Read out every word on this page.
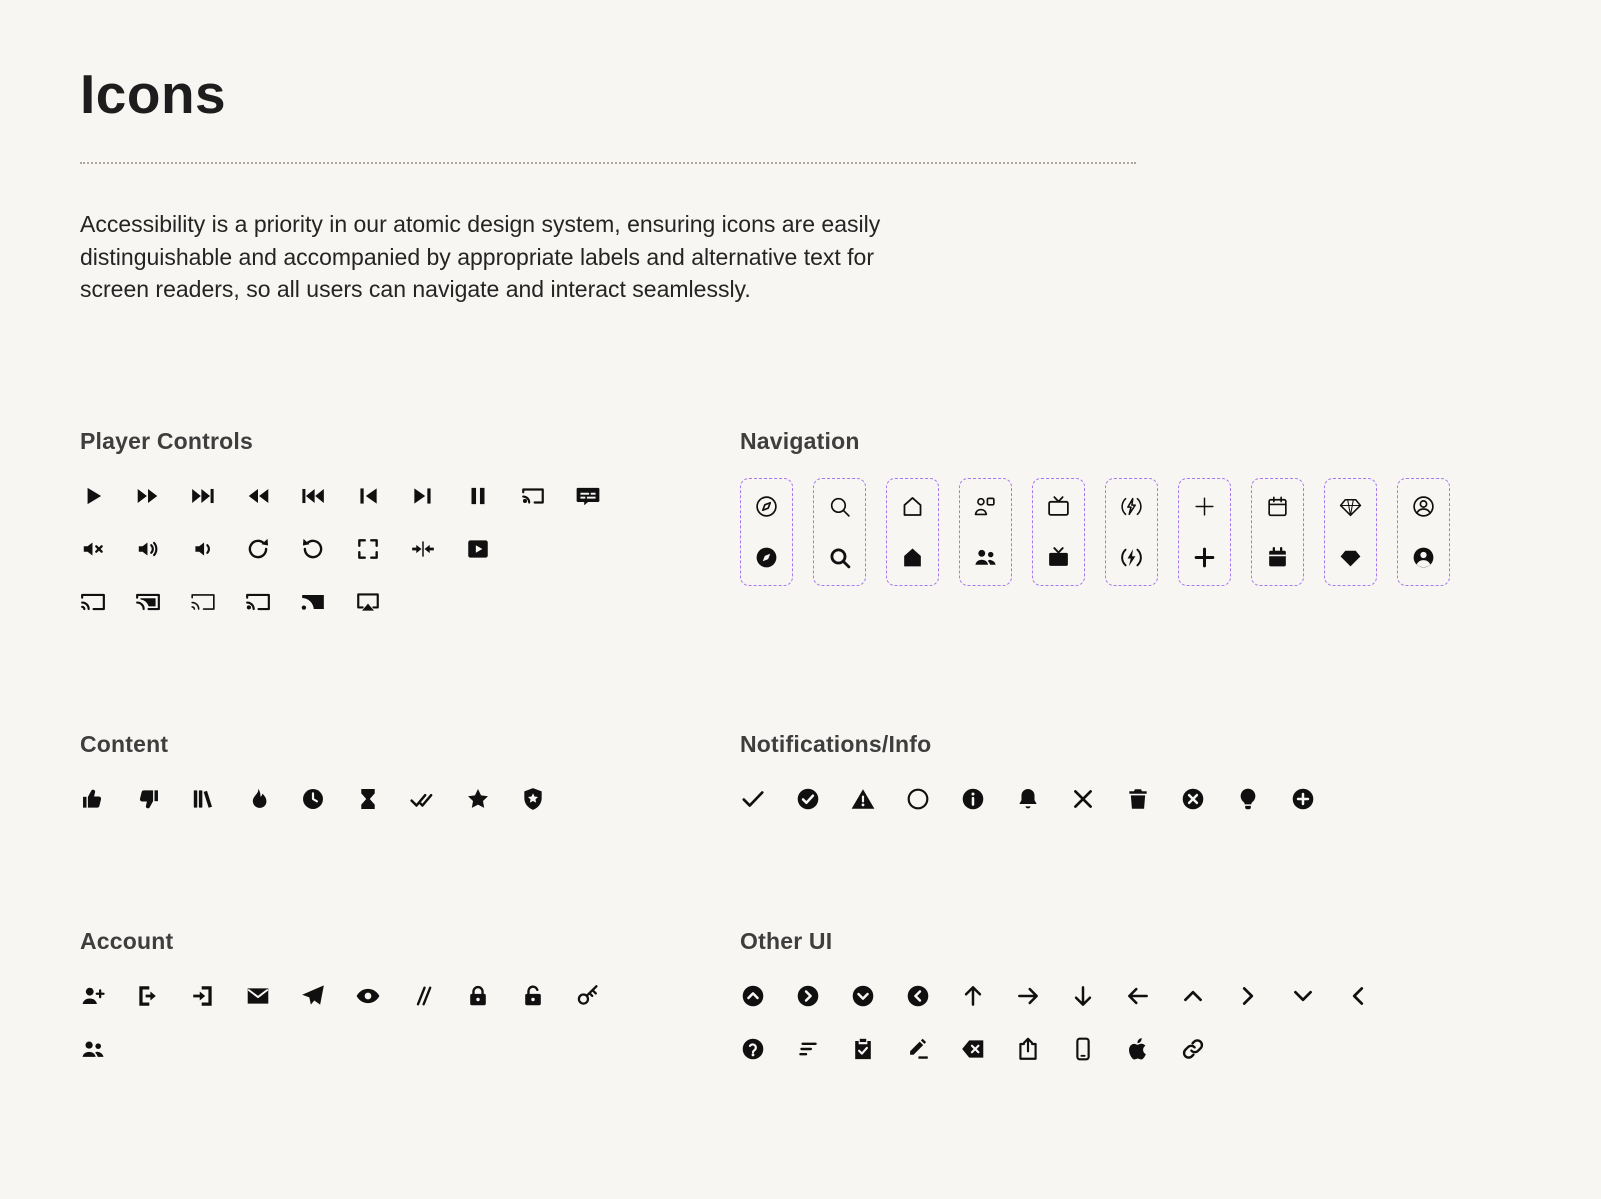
Icons

Accessibility is a priority in our atomic design system, ensuring icons are easily distinguishable and accompanied by appropriate labels and alternative text for screen readers, so all users can navigate and interact seamlessly.

Player Controls	Navigation
Content	Notifications/Info
Account	Other UI
